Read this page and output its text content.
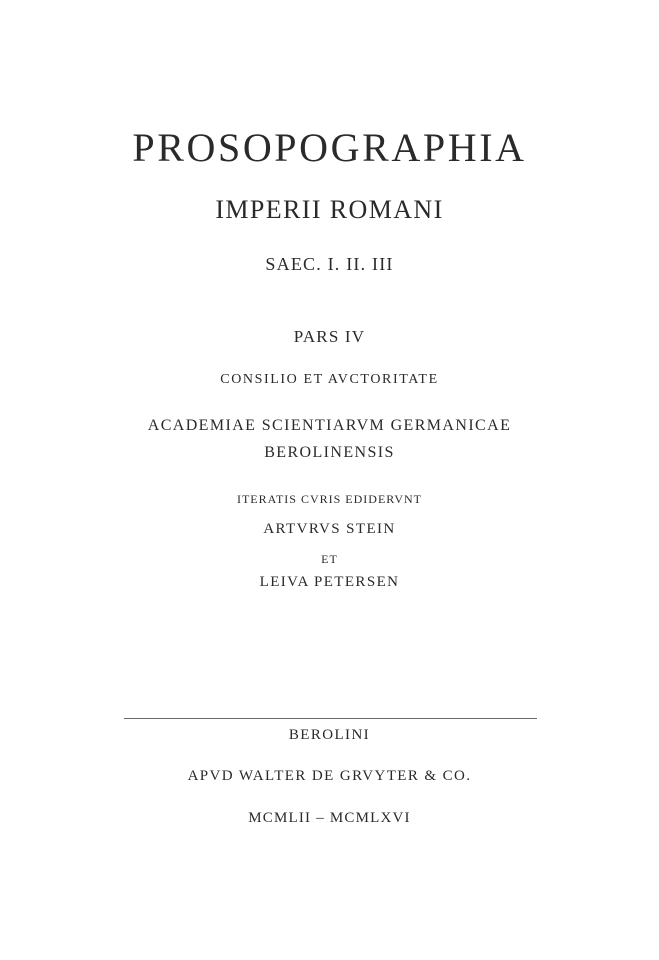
PROSOPOGRAPHIA
IMPERII ROMANI
SAEC. I. II. III
PARS IV
CONSILIO ET AVCTORITATE
ACADEMIAE SCIENTIARVM GERMANICAE
BEROLINENSIS
ITERATIS CVRIS EDIDERVNT
ARTVRVS STEIN
ET
LEIVA PETERSEN
BEROLINI
APVD WALTER DE GRVYTER & CO.
MCMLII – MCMLXVI
